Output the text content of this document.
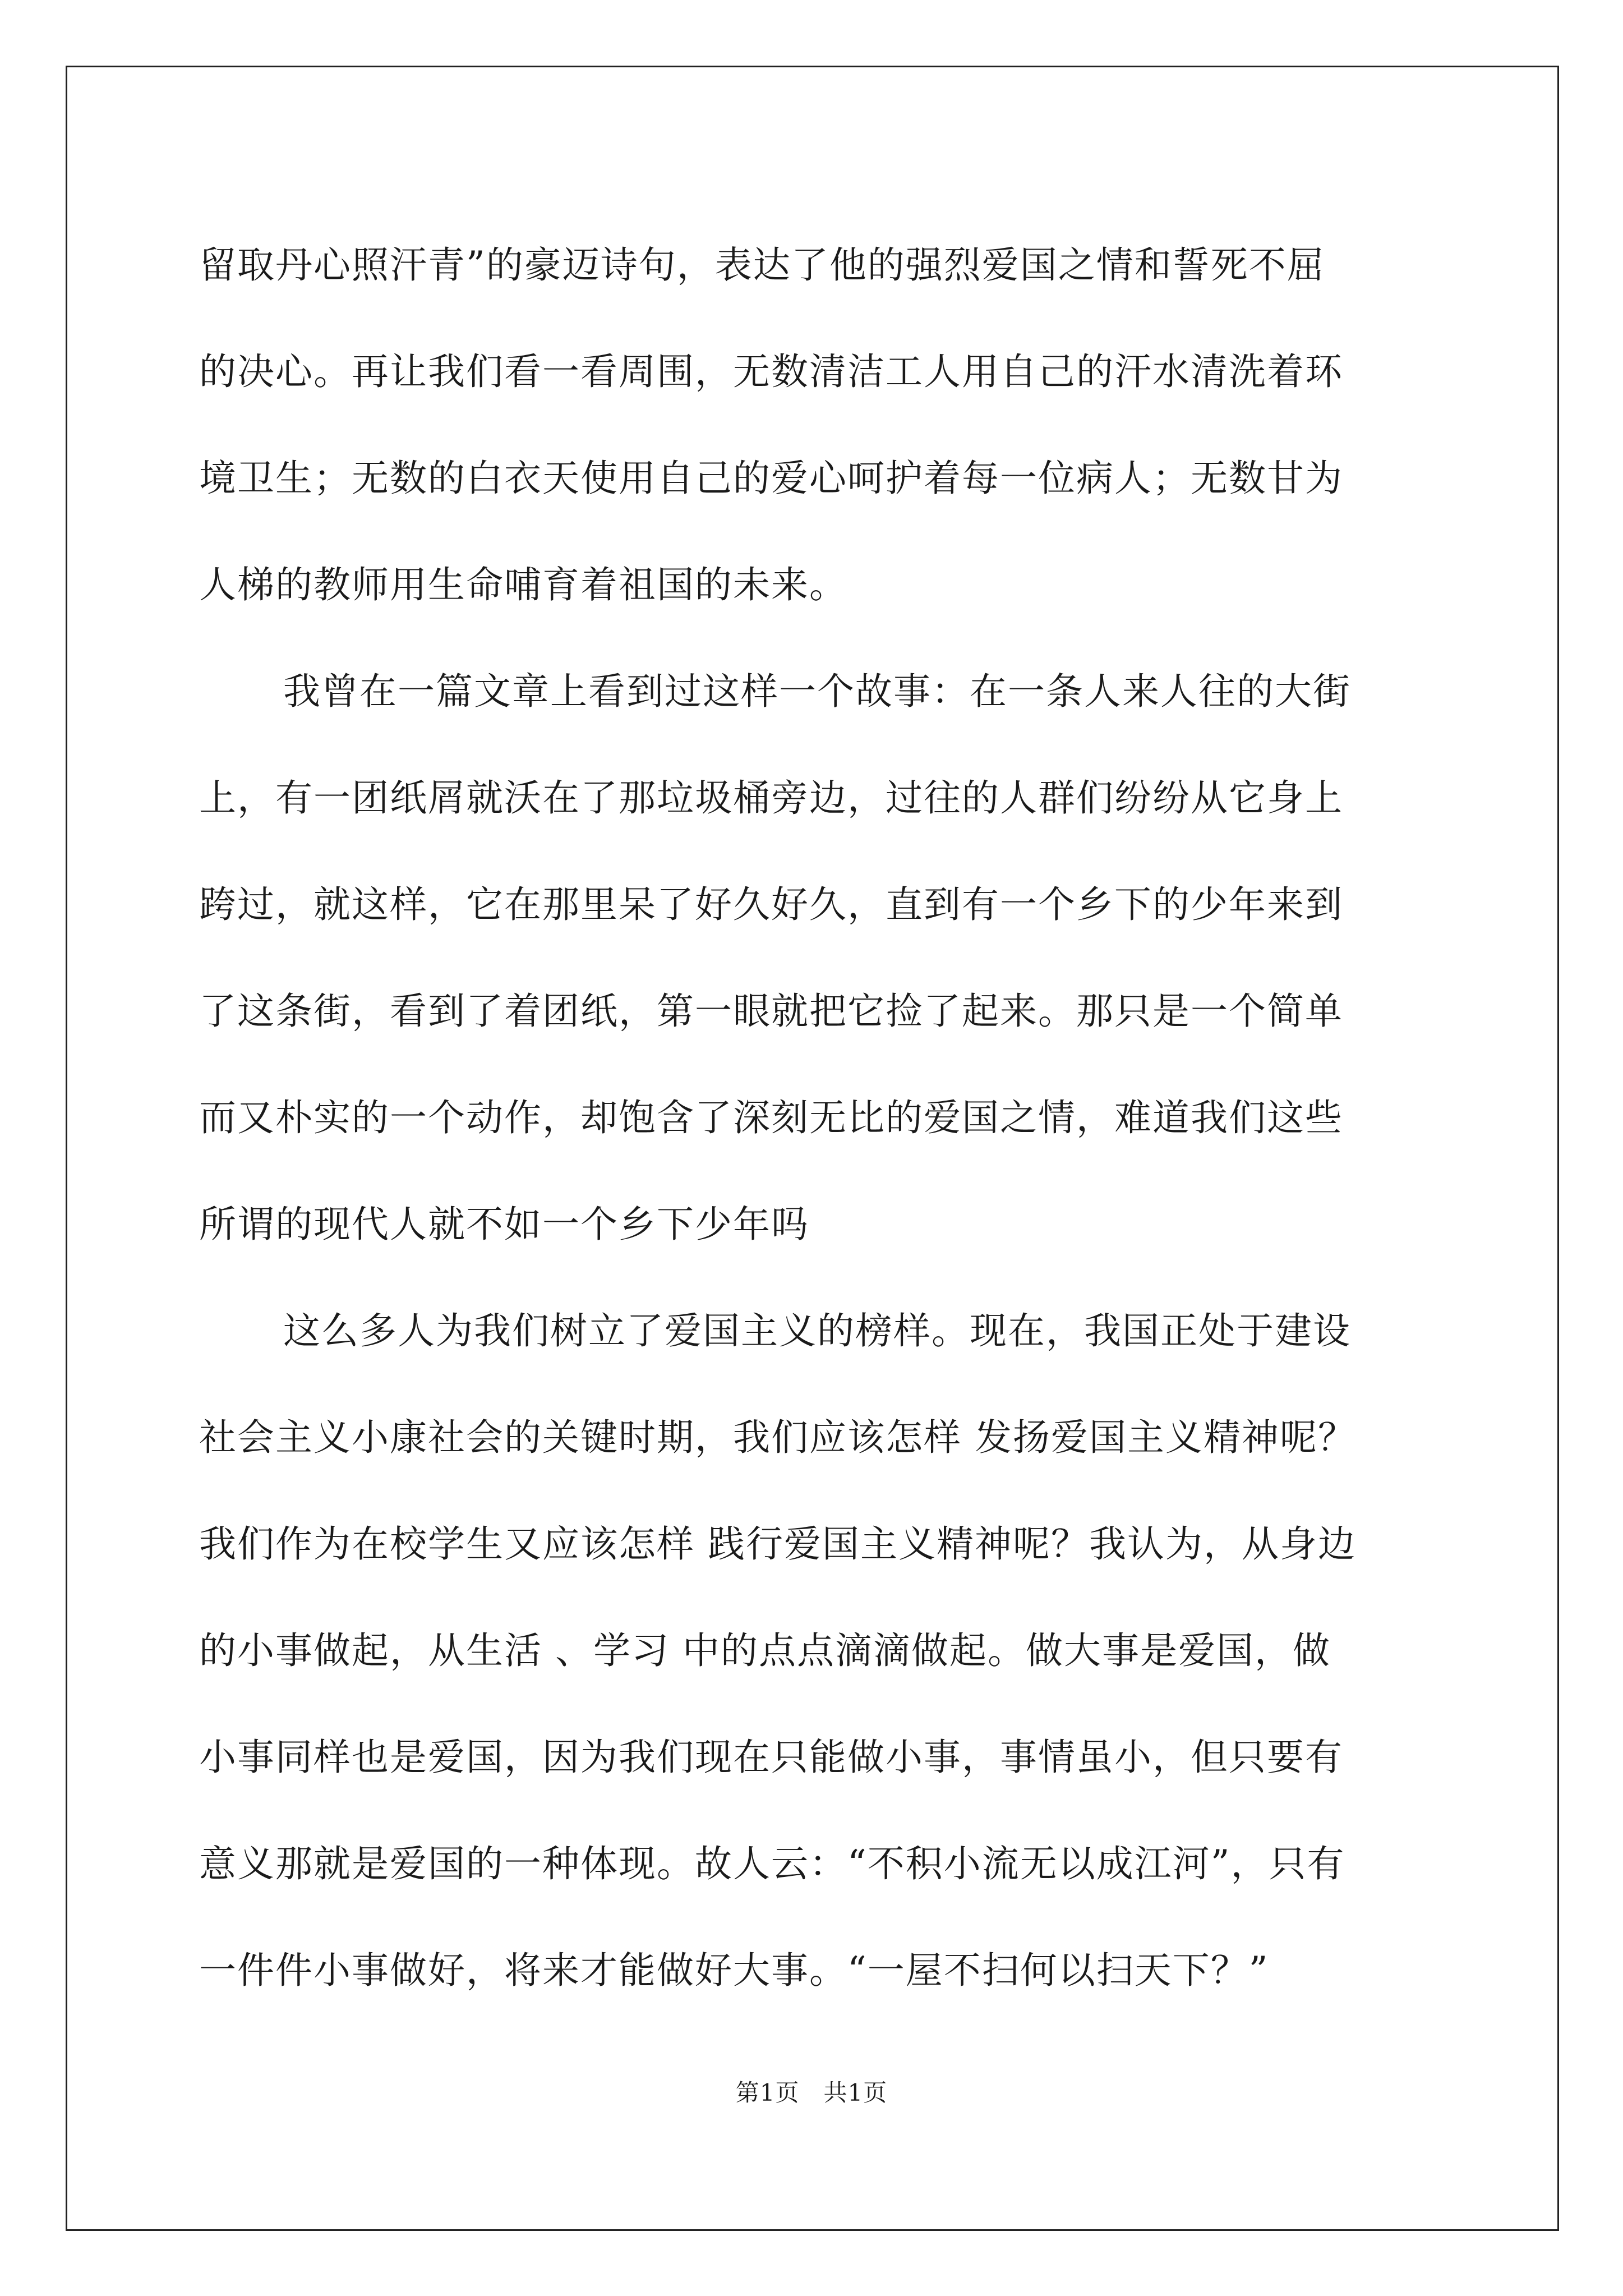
留取丹心照汗青”的豪迈诗句，表达了他的强烈爱国之情和誓死不屈

的决心。再让我们看一看周围，无数清洁工人用自己的汗水清洗着环

境卫生；无数的白衣天使用自己的爱心呵护着每一位病人；无数甘为

人梯的教师用生命哺育着祖国的未来。

我曾在一篇文章上看到过这样一个故事：在一条人来人往的大街

上，有一团纸屑就沃在了那垃圾桶旁边，过往的人群们纷纷从它身上

跨过，就这样，它在那里呆了好久好久，直到有一个乡下的少年来到

了这条街，看到了着团纸，第一眼就把它捡了起来。那只是一个简单

而又朴实的一个动作，却饱含了深刻无比的爱国之情，难道我们这些

所谓的现代人就不如一个乡下少年吗

这么多人为我们树立了爱国主义的榜样。现在，我国正处于建设

社会主义小康社会的关键时期，我们应该怎样 发扬爱国主义精神呢？

我们作为在校学生又应该怎样 践行爱国主义精神呢？我认为，从身边

的小事做起，从生活 、学习 中的点点滴滴做起。做大事是爱国，做

小事同样也是爱国，因为我们现在只能做小事，事情虽小，但只要有

意义那就是爱国的一种体现。故人云：“不积小流无以成江河”，只有

一件件小事做好，将来才能做好大事。“一屋不扫何以扫天下？”

第1页 共1页
